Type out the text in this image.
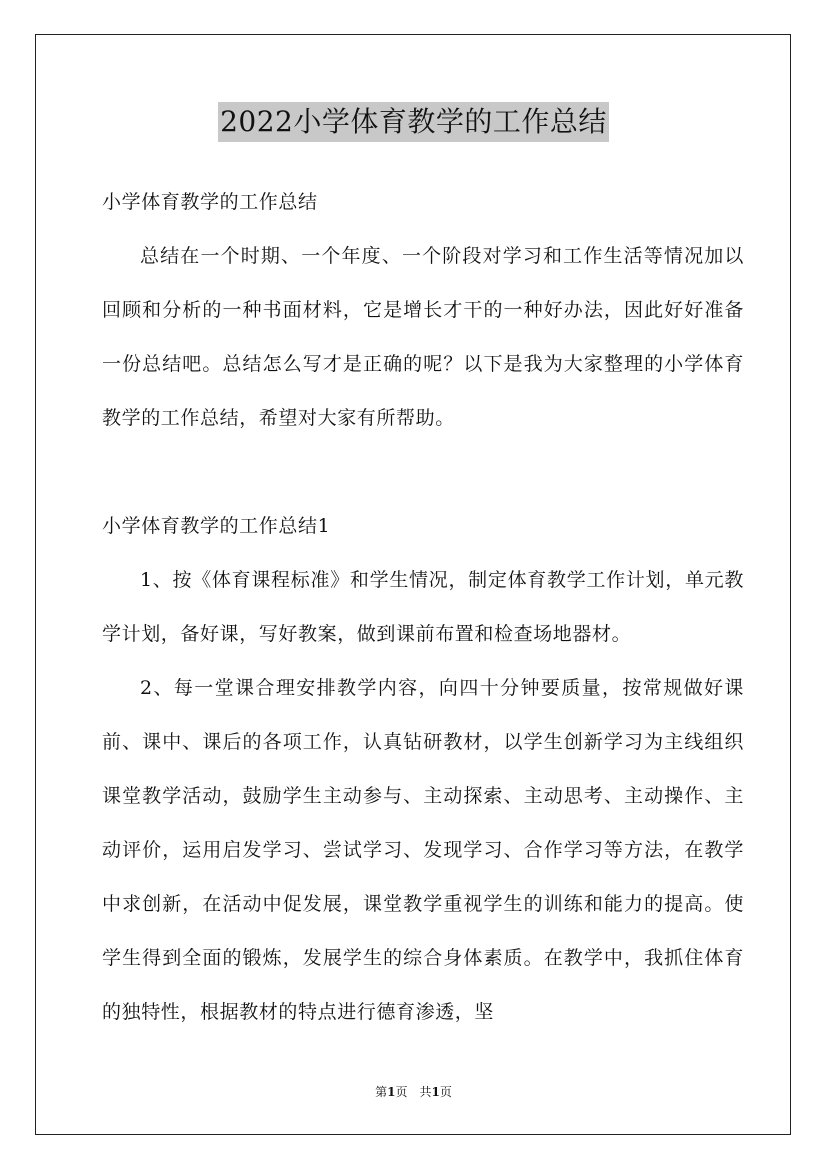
2022小学体育教学的工作总结

小学体育教学的工作总结

总结在一个时期、一个年度、一个阶段对学习和工作生活等情况加以回顾和分析的一种书面材料，它是增长才干的一种好办法，因此好好准备一份总结吧。总结怎么写才是正确的呢？以下是我为大家整理的小学体育教学的工作总结，希望对大家有所帮助。

小学体育教学的工作总结1

1、按《体育课程标准》和学生情况，制定体育教学工作计划，单元教学计划，备好课，写好教案，做到课前布置和检查场地器材。

2、每一堂课合理安排教学内容，向四十分钟要质量，按常规做好课前、课中、课后的各项工作，认真钻研教材，以学生创新学习为主线组织课堂教学活动，鼓励学生主动参与、主动探索、主动思考、主动操作、主动评价，运用启发学习、尝试学习、发现学习、合作学习等方法，在教学中求创新，在活动中促发展，课堂教学重视学生的训练和能力的提高。使学生得到全面的锻炼，发展学生的综合身体素质。在教学中，我抓住体育的独特性，根据教材的特点进行德育渗透，坚

第1页　共1页
